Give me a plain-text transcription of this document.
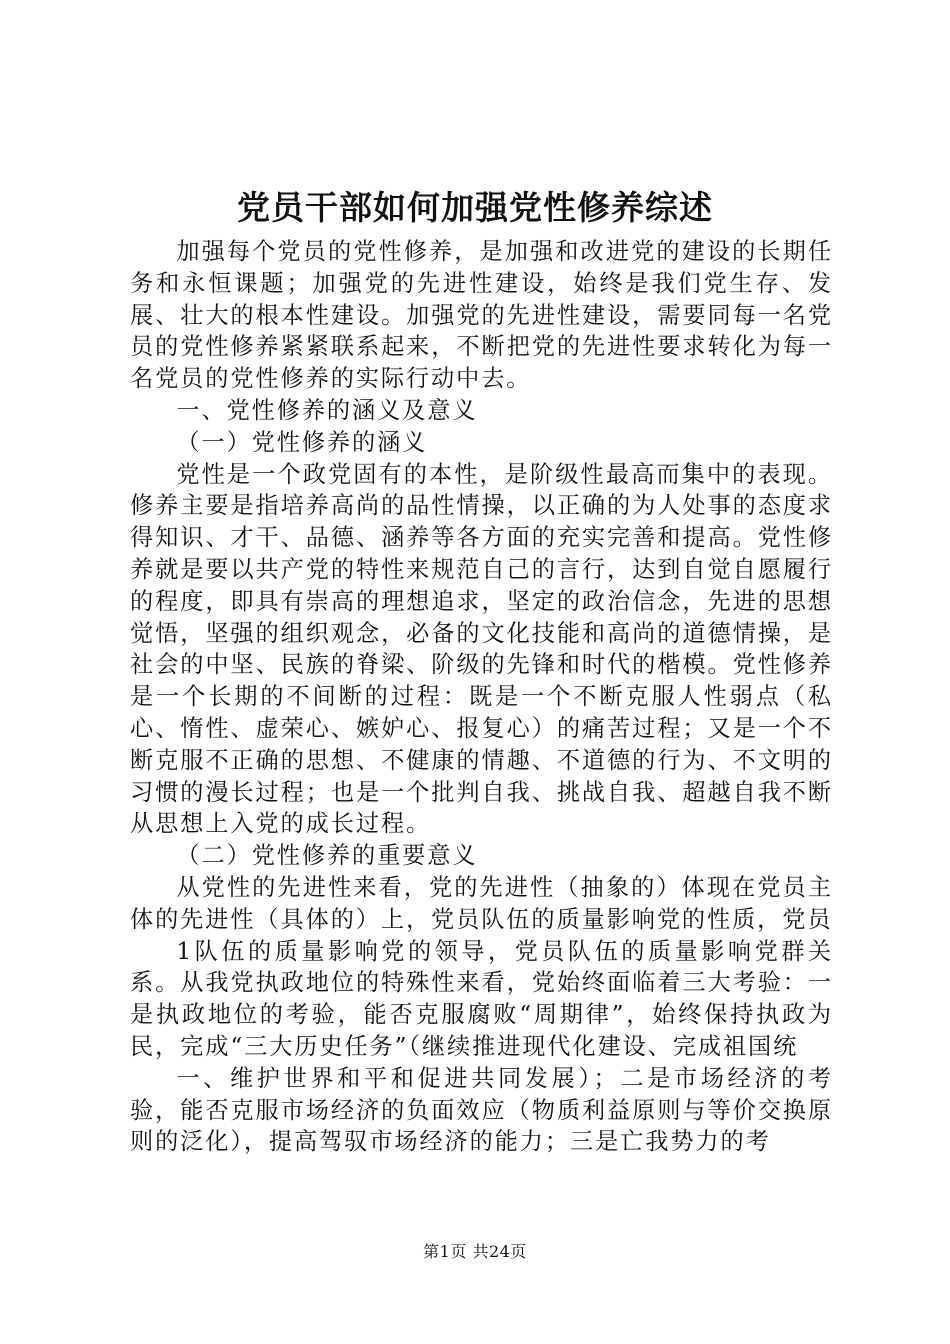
党员干部如何加强党性修养综述

加强每个党员的党性修养，是加强和改进党的建设的长期任务和永恒课题；加强党的先进性建设，始终是我们党生存、发展、壮大的根本性建设。加强党的先进性建设，需要同每一名党员的党性修养紧紧联系起来，不断把党的先进性要求转化为每一名党员的党性修养的实际行动中去。

一、党性修养的涵义及意义

（一）党性修养的涵义

党性是一个政党固有的本性，是阶级性最高而集中的表现。修养主要是指培养高尚的品性情操，以正确的为人处事的态度求得知识、才干、品德、涵养等各方面的充实完善和提高。党性修养就是要以共产党的特性来规范自己的言行，达到自觉自愿履行的程度，即具有崇高的理想追求，坚定的政治信念，先进的思想觉悟，坚强的组织观念，必备的文化技能和高尚的道德情操，是社会的中坚、民族的脊梁、阶级的先锋和时代的楷模。党性修养是一个长期的不间断的过程：既是一个不断克服人性弱点（私心、惰性、虚荣心、嫉妒心、报复心）的痛苦过程；又是一个不断克服不正确的思想、不健康的情趣、不道德的行为、不文明的习惯的漫长过程；也是一个批判自我、挑战自我、超越自我不断从思想上入党的成长过程。

（二）党性修养的重要意义

从党性的先进性来看，党的先进性（抽象的）体现在党员主体的先进性（具体的）上，党员队伍的质量影响党的性质，党员

1队伍的质量影响党的领导，党员队伍的质量影响党群关系。从我党执政地位的特殊性来看，党始终面临着三大考验：一是执政地位的考验，能否克服腐败“周期律”，始终保持执政为民，完成“三大历史任务”（继续推进现代化建设、完成祖国统

一、维护世界和平和促进共同发展）；二是市场经济的考验，能否克服市场经济的负面效应（物质利益原则与等价交换原则的泛化），提高驾驭市场经济的能力；三是亡我势力的考

第1页 共24页
